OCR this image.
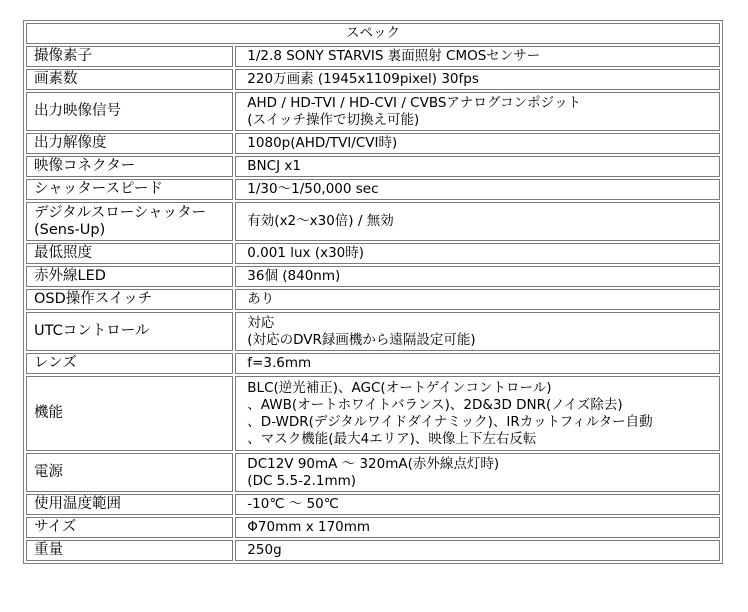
スペック	

撮像素子	1/2.8 SONY STARVIS 裏面照射 CMOSセンサー

画素数	220万画素 (1945x1109pixel) 30fps

出力映像信号	AHD / HD-TVI / HD-CVI / CVBSアナログコンポジット
(スイッチ操作で切換え可能)

出力解像度	1080p(AHD/TVI/CVI時)

映像コネクター	BNCJ x1

シャッタースピード	1/30〜1/50,000 sec

デジタルスローシャッター
(Sens-Up)	有効(x2〜x30倍) / 無効

最低照度	0.001 lux (x30時)

赤外線LED	36個 (840nm)

OSD操作スイッチ	あり

UTCコントロール	対応
(対応のDVR録画機から遠隔設定可能)

レンズ	f=3.6mm

機能	BLC(逆光補正)、AGC(オートゲインコントロール)
、AWB(オートホワイトバランス)、2D&3D DNR(ノイズ除去)
、D-WDR(デジタルワイドダイナミック)、IRカットフィルター自動
、マスク機能(最大4エリア)、映像上下左右反転

電源	DC12V 90mA 〜 320mA(赤外線点灯時)
(DC 5.5-2.1mm)

使用温度範囲	-10℃ 〜 50℃

サイズ	Φ70mm x 170mm

重量	250g
